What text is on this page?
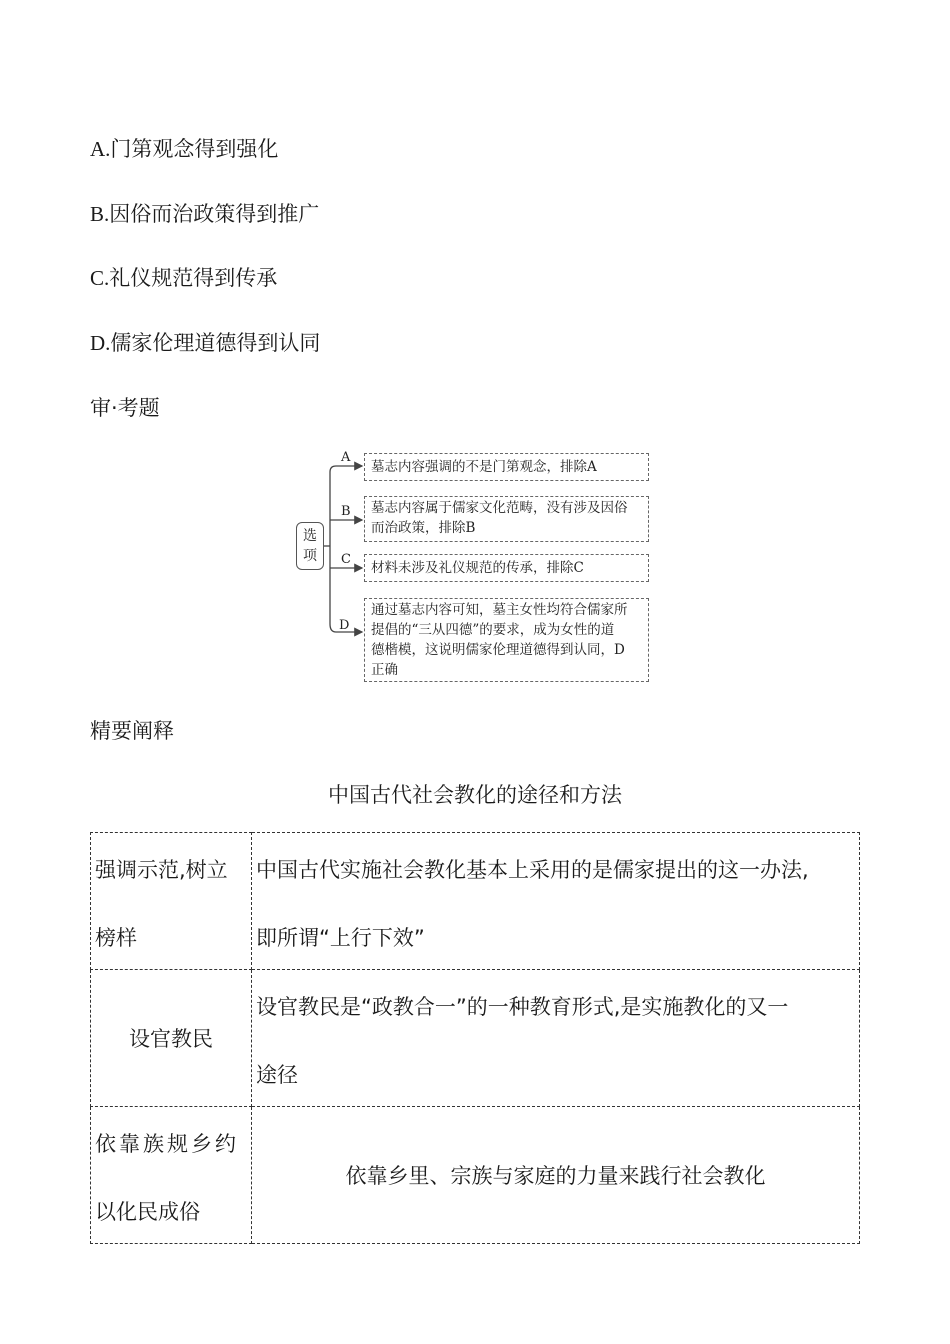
A.门第观念得到强化
B.因俗而治政策得到推广
C.礼仪规范得到传承
D.儒家伦理道德得到认同
审·考题
选
项
A
B
C
D
墓志内容强调的不是门第观念，排除A
墓志内容属于儒家文化范畴，没有涉及因俗
而治政策，排除B
材料未涉及礼仪规范的传承，排除C
通过墓志内容可知，墓主女性均符合儒家所
提倡的“三从四德”的要求，成为女性的道
德楷模，这说明儒家伦理道德得到认同，D
正确
精要阐释
中国古代社会教化的途径和方法
强调示范,树立
榜样	中国古代实施社会教化基本上采用的是儒家提出的这一办法,
即所谓“上行下效”

设官教民	设官教民是“政教合一”的一种教育形式,是实施教化的又一
途径

依靠族规乡约
以化民成俗	依靠乡里、宗族与家庭的力量来践行社会教化
